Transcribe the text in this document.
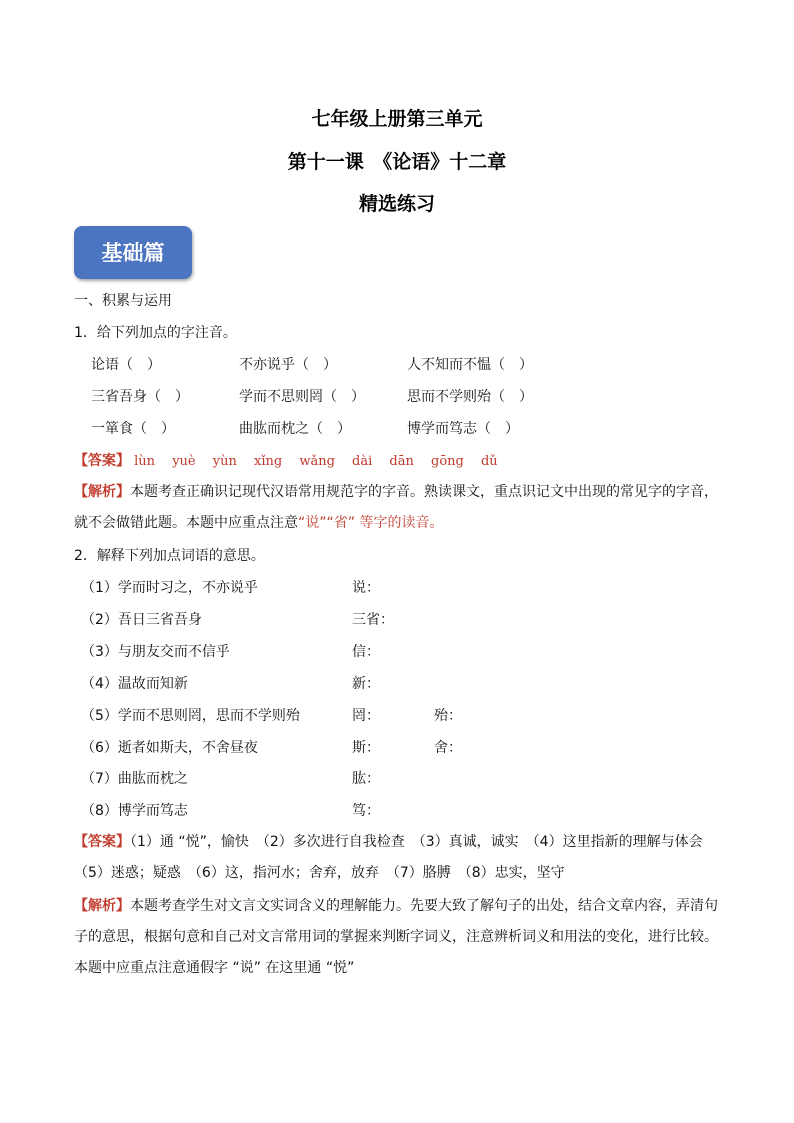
七年级上册第三单元
第十一课　《论语》十二章
精选练习
基础篇
一、积累与运用
1．给下列加点的字注音。
论语（　）	不亦说乎（　）	人不知而不愠（　）
三省吾身（　）	学而不思则罔（　）	思而不学则殆（　）
一箪食（　）	曲肱而枕之（　）	博学而笃志（　）
【答案】 lùn yuè yùn xǐng wǎng dài dān gōng dǔ
【解析】本题考查正确识记现代汉语常用规范字的字音。熟读课文，重点识记文中出现的常见字的字音，
就不会做错此题。本题中应重点注意“说”“省” 等字的读音。
2．解释下列加点词语的意思。
（1）学而时习之，不亦说乎	说：
（2）吾日三省吾身	三省：
（3）与朋友交而不信乎	信：
（4）温故而知新	新：
（5）学而不思则罔，思而不学则殆	罔：	殆：
（6）逝者如斯夫，不舍昼夜	斯：	舍：
（7）曲肱而枕之	肱：
（8）博学而笃志	笃：
【答案】（1）通 “悦”，愉快　（2）多次进行自我检查　（3）真诚，诚实　（4）这里指新的理解与体会
（5）迷惑；疑惑　（6）这，指河水；舍弃，放弃　（7）胳膊　（8）忠实，坚守
【解析】本题考查学生对文言文实词含义的理解能力。先要大致了解句子的出处，结合文章内容，弄清句
子的意思，根据句意和自己对文言常用词的掌握来判断字词义，注意辨析词义和用法的变化，进行比较。
本题中应重点注意通假字 “说” 在这里通 “悦”
